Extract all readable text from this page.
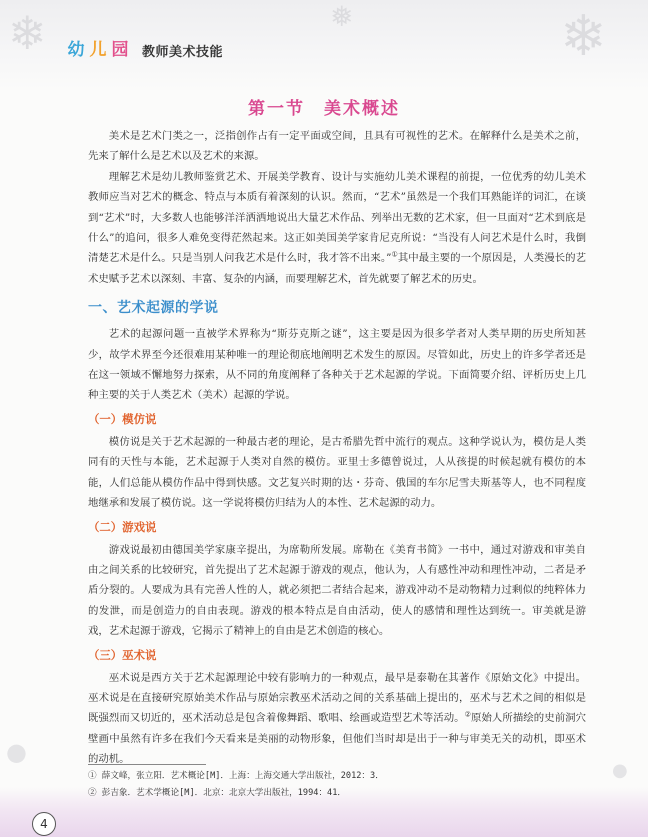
❄	❄
❅
●
●
幼 儿 园 教师美术技能
第一节　美术概述

美术是艺术门类之一，泛指创作占有一定平面或空间，且具有可视性的艺术。在解释什么是美术之前，先来了解什么是艺术以及艺术的来源。

理解艺术是幼儿教师鉴赏艺术、开展美学教育、设计与实施幼儿美术课程的前提，一位优秀的幼儿美术教师应当对艺术的概念、特点与本质有着深刻的认识。然而，“艺术”虽然是一个我们耳熟能详的词汇，在谈到“艺术”时，大多数人也能够洋洋洒洒地说出大量艺术作品、列举出无数的艺术家，但一旦面对“艺术到底是什么”的追问，很多人难免变得茫然起来。这正如美国美学家肯尼克所说：“当没有人问艺术是什么时，我倒清楚艺术是什么。只是当别人问我艺术是什么时，我才答不出来。”①其中最主要的一个原因是，人类漫长的艺术史赋予艺术以深刻、丰富、复杂的内涵，而要理解艺术，首先就要了解艺术的历史。

一、艺术起源的学说

艺术的起源问题一直被学术界称为“斯芬克斯之谜”，这主要是因为很多学者对人类早期的历史所知甚少，故学术界至今还很难用某种唯一的理论彻底地阐明艺术发生的原因。尽管如此，历史上的许多学者还是在这一领域不懈地努力探索，从不同的角度阐释了各种关于艺术起源的学说。下面简要介绍、评析历史上几种主要的关于人类艺术（美术）起源的学说。

（一）模仿说

模仿说是关于艺术起源的一种最古老的理论，是古希腊先哲中流行的观点。这种学说认为，模仿是人类同有的天性与本能，艺术起源于人类对自然的模仿。亚里士多德曾说过，人从孩提的时候起就有模仿的本能，人们总能从模仿作品中得到快感。文艺复兴时期的达・芬奇、俄国的车尔尼雪夫斯基等人，也不同程度地继承和发展了模仿说。这一学说将模仿归结为人的本性、艺术起源的动力。

（二）游戏说

游戏说最初由德国美学家康辛提出，为席勒所发展。席勒在《美育书简》一书中，通过对游戏和审美自由之间关系的比较研究，首先提出了艺术起源于游戏的观点，他认为，人有感性冲动和理性冲动，二者是矛盾分裂的。人要成为具有完善人性的人，就必须把二者结合起来，游戏冲动不是动物精力过剩似的纯粹体力的发泄，而是创造力的自由表现。游戏的根本特点是自由活动，使人的感情和理性达到统一。审美就是游戏，艺术起源于游戏，它揭示了精神上的自由是艺术创造的核心。

（三）巫术说

巫术说是西方关于艺术起源理论中较有影响力的一种观点，最早是泰勒在其著作《原始文化》中提出。巫术说是在直接研究原始美术作品与原始宗教巫术活动之间的关系基础上提出的，巫术与艺术之间的相似是既强烈而又切近的，巫术活动总是包含着像舞蹈、歌唱、绘画或造型艺术等活动。②原始人所描绘的史前洞穴壁画中虽然有许多在我们今天看来是美丽的动物形象，但他们当时却是出于一种与审美无关的动机，即巫术的动机。

① 薛文峰，张立阳．艺术概论[M]．上海：上海交通大学出版社，2012：3．
② 彭吉象．艺术学概论[M]．北京：北京大学出版社，1994：41．
4
